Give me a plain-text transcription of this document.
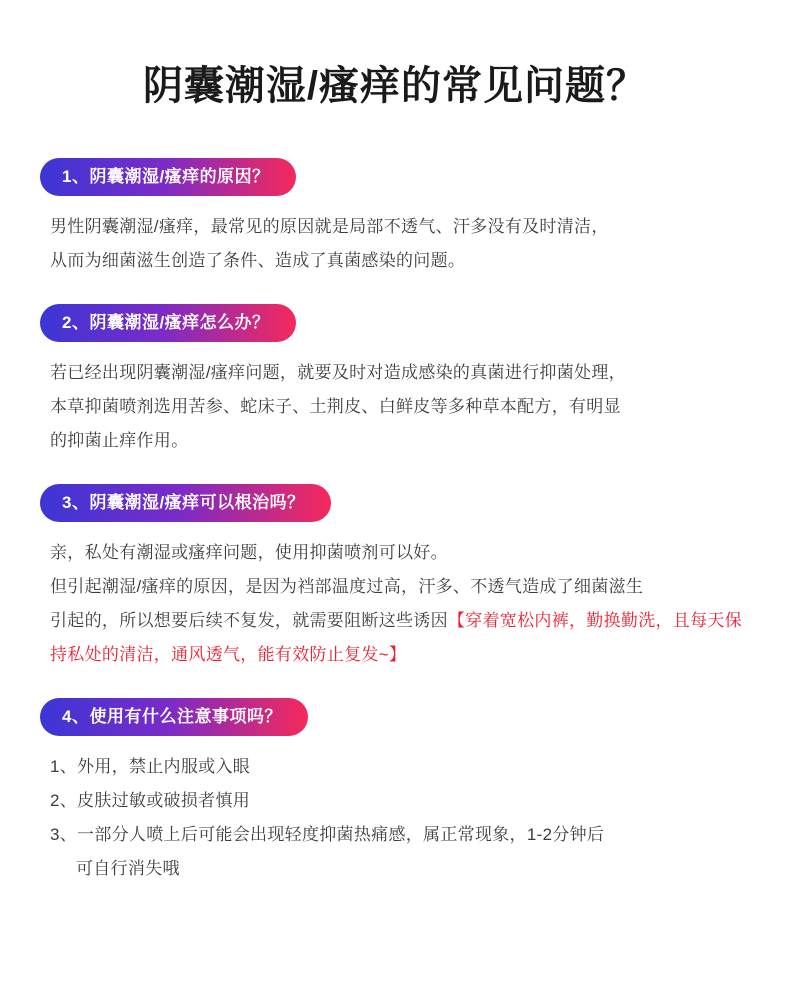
阴囊潮湿/瘙痒的常见问题？
1、阴囊潮湿/瘙痒的原因？

男性阴囊潮湿/瘙痒，最常见的原因就是局部不透气、汗多没有及时清洁，

从而为细菌滋生创造了条件、造成了真菌感染的问题。

2、阴囊潮湿/瘙痒怎么办？

若已经出现阴囊潮湿/瘙痒问题，就要及时对造成感染的真菌进行抑菌处理，

本草抑菌喷剂选用苦参、蛇床子、土荆皮、白鲜皮等多种草本配方，有明显

的抑菌止痒作用。

3、阴囊潮湿/瘙痒可以根治吗？

亲，私处有潮湿或瘙痒问题，使用抑菌喷剂可以好。

但引起潮湿/瘙痒的原因，是因为裆部温度过高，汗多、不透气造成了细菌滋生

引起的，所以想要后续不复发，就需要阻断这些诱因【穿着宽松内裤，勤换勤洗，且每天保持私处的清洁，通风透气，能有效防止复发~】

4、使用有什么注意事项吗？

1、外用，禁止内服或入眼

2、皮肤过敏或破损者慎用

3、一部分人喷上后可能会出现轻度抑菌热痛感，属正常现象，1-2分钟后

可自行消失哦
